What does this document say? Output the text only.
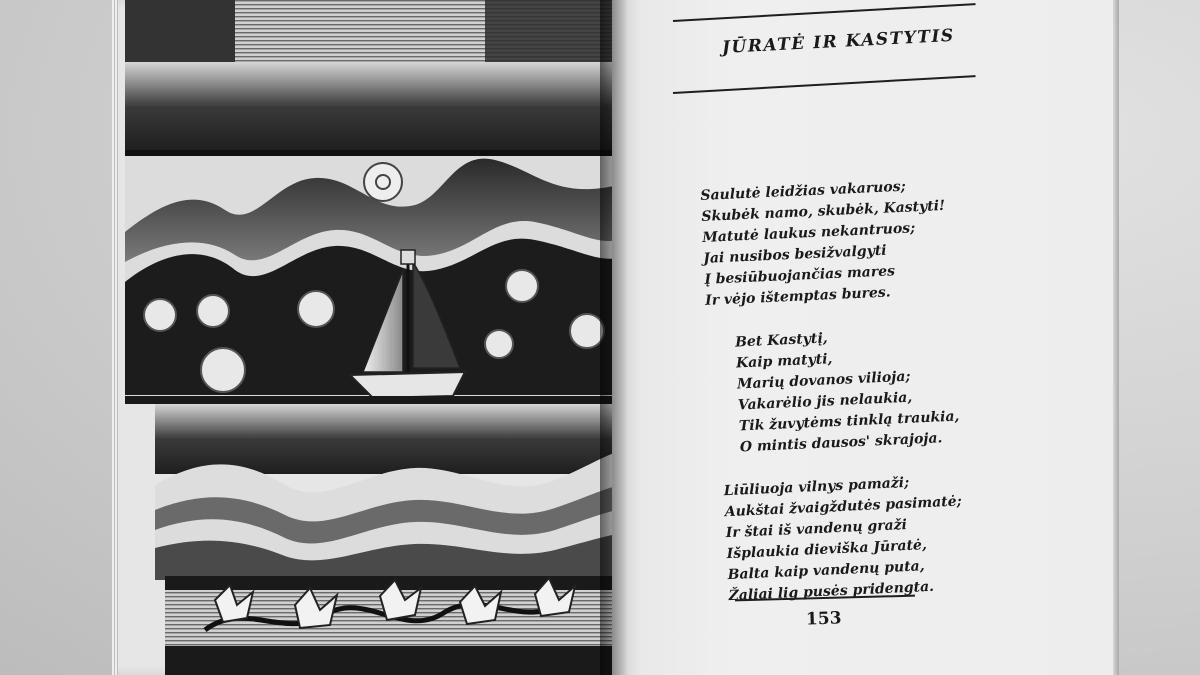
JŪRATĖ IR KASTYTIS
Saulutė leidžias vakaruos;
Skubėk namo, skubėk, Kastyti!
Matutė laukus nekantruos;
Jai nusibos besižvalgyti
Į besiūbuojančias mares
Ir vėjo ištemptas bures.
Bet Kastytį,
Kaip matyti,
Marių dovanos vilioja;
Vakarėlio jis nelaukia,
Tik žuvytėms tinklą traukia,
O mintis dausos' skrajoja.
Liūliuoja vilnys pamaži;
Aukštai žvaigždutės pasimatė;
Ir štai iš vandenų graži
Išplaukia dieviška Jūratė,
Balta kaip vandenų puta,
Žaliai lig pusės pridengta.
153
